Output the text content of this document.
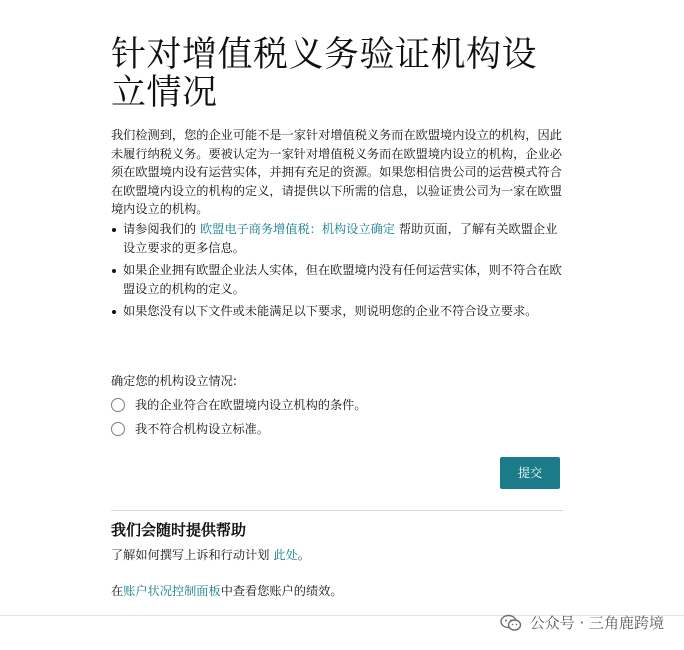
针对增值税义务验证机构设立情况

我们检测到，您的企业可能不是一家针对增值税义务而在欧盟境内设立的机构，因此未履行纳税义务。要被认定为一家针对增值税义务而在欧盟境内设立的机构，企业必须在欧盟境内设有运营实体，并拥有充足的资源。如果您相信贵公司的运营模式符合在欧盟境内设立的机构的定义，请提供以下所需的信息，以验证贵公司为一家在欧盟境内设立的机构。

请参阅我们的 欧盟电子商务增值税：机构设立确定 帮助页面，了解有关欧盟企业设立要求的更多信息。
如果企业拥有欧盟企业法人实体，但在欧盟境内没有任何运营实体，则不符合在欧盟设立的机构的定义。
如果您没有以下文件或未能满足以下要求，则说明您的企业不符合设立要求。
确定您的机构设立情况:
我的企业符合在欧盟境内设立机构的条件。
我不符合机构设立标准。
提交
我们会随时提供帮助
了解如何撰写上诉和行动计划 此处。
在账户状况控制面板中查看您账户的绩效。
公众号 · 三角鹿跨境
